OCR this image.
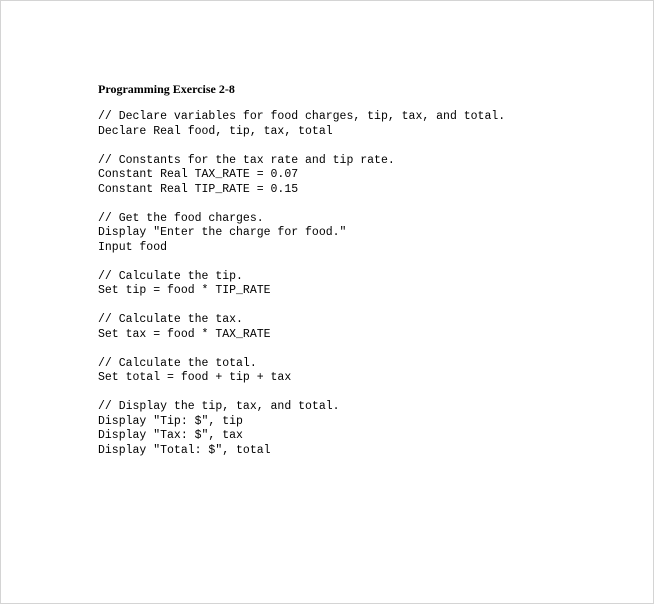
Programming Exercise 2-8
// Declare variables for food charges, tip, tax, and total.
Declare Real food, tip, tax, total
// Constants for the tax rate and tip rate.
Constant Real TAX_RATE = 0.07
Constant Real TIP_RATE = 0.15
// Get the food charges.
Display "Enter the charge for food."
Input food
// Calculate the tip.
Set tip = food * TIP_RATE
// Calculate the tax.
Set tax = food * TAX_RATE
// Calculate the total.
Set total = food + tip + tax
// Display the tip, tax, and total.
Display "Tip: $", tip
Display "Tax: $", tax
Display "Total: $", total
